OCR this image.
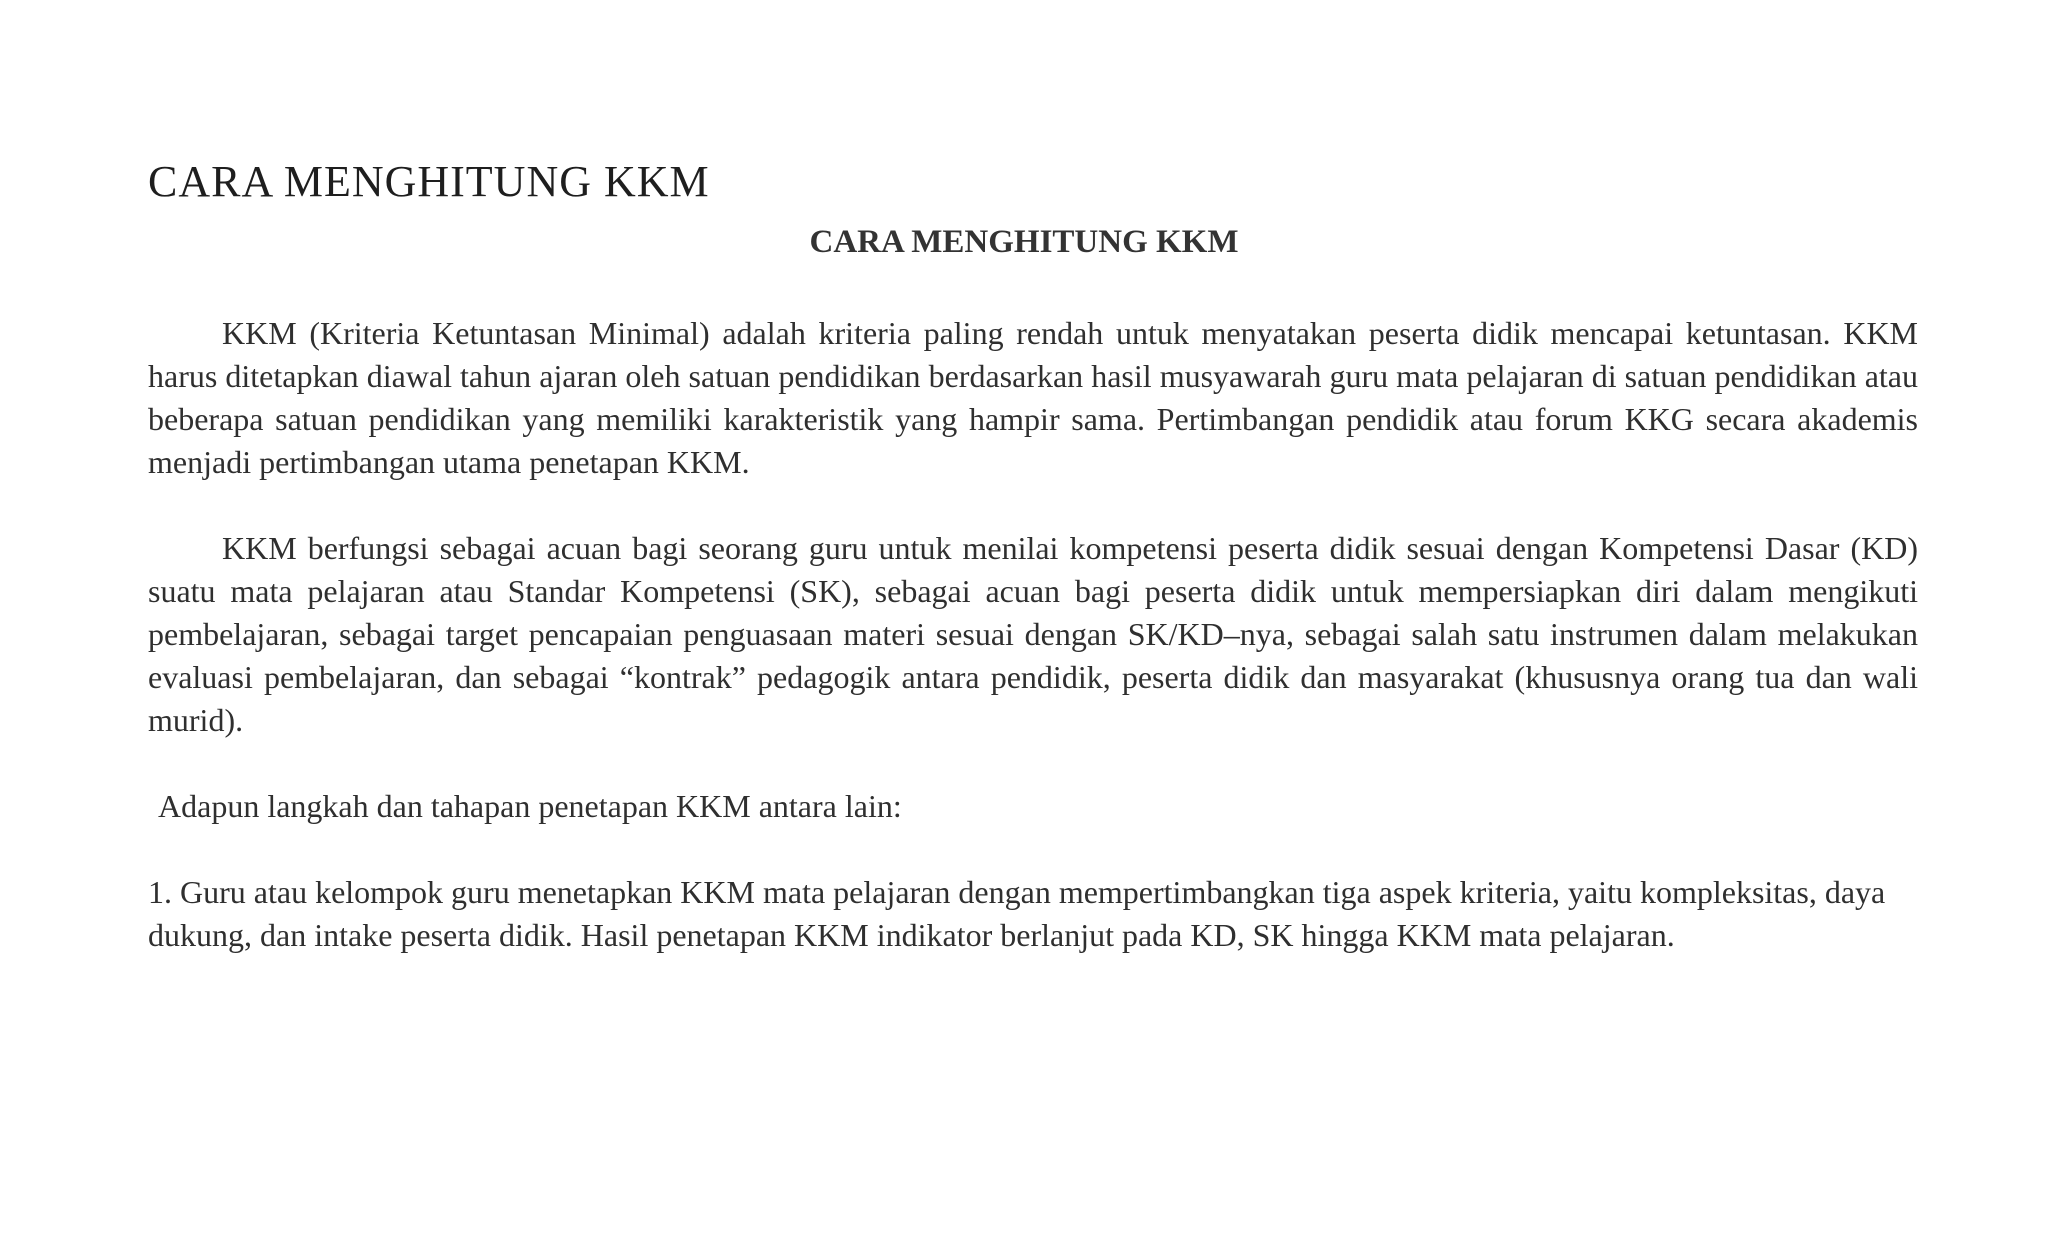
CARA MENGHITUNG KKM
CARA MENGHITUNG KKM

KKM (Kriteria Ketuntasan Minimal) adalah kriteria paling rendah untuk menyatakan peserta didik mencapai ketuntasan. KKM harus ditetapkan diawal tahun ajaran oleh satuan pendidikan berdasarkan hasil musyawarah guru mata pelajaran di satuan pendidikan atau beberapa satuan pendidikan yang memiliki karakteristik yang hampir sama. Pertimbangan pendidik atau forum KKG secara akademis menjadi pertimbangan utama penetapan KKM.

KKM berfungsi sebagai acuan bagi seorang guru untuk menilai kompetensi peserta didik sesuai dengan Kompetensi Dasar (KD) suatu mata pelajaran atau Standar Kompetensi (SK), sebagai acuan bagi peserta didik untuk mempersiapkan diri dalam mengikuti pembelajaran, sebagai target pencapaian penguasaan materi sesuai dengan SK/KD–nya, sebagai salah satu instrumen dalam melakukan evaluasi pembelajaran, dan sebagai “kontrak” pedagogik antara pendidik, peserta didik dan masyarakat (khususnya orang tua dan wali murid).

Adapun langkah dan tahapan penetapan KKM antara lain:

1. Guru atau kelompok guru menetapkan KKM mata pelajaran dengan mempertimbangkan tiga aspek kriteria, yaitu kompleksitas, daya dukung, dan intake peserta didik. Hasil penetapan KKM indikator berlanjut pada KD, SK hingga KKM mata pelajaran.
